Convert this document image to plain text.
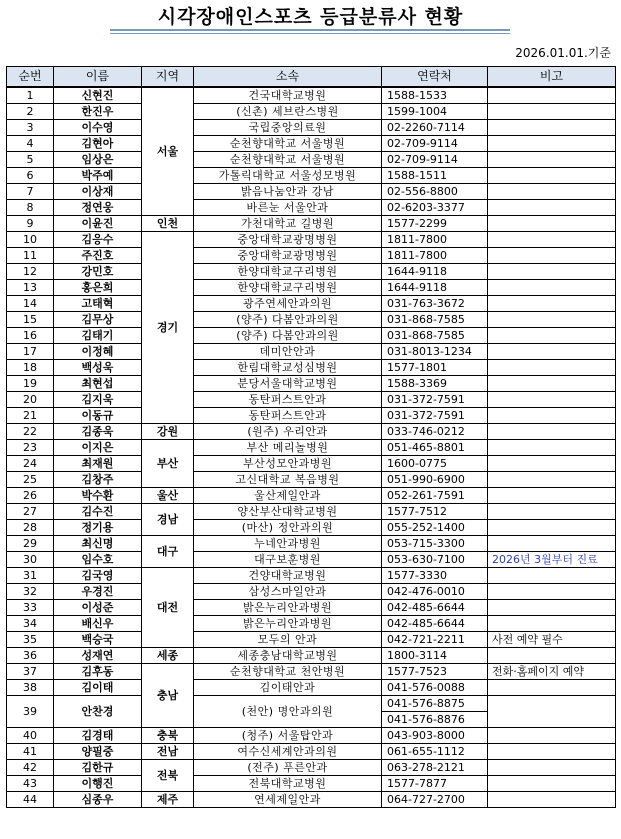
시각장애인스포츠 등급분류사 현황
2026.01.01.기준
순번	이름	지역	소속	연락처	비고
1	신현진	서울	건국대학교병원	1588-1533	

2	한진우		(신촌) 세브란스병원	1599-1004	

3	이수영		국립중앙의료원	02-2260-7114	

4	김현아		순천향대학교 서울병원	02-709-9114	

5	임상은		순천향대학교 서울병원	02-709-9114	

6	박주예		가톨릭대학교 서울성모병원	1588-1511	

7	이상재		밝음나눔안과 강남	02-556-8800	

8	정연웅		바른눈 서울안과	02-6203-3377	

9	이윤진	인천	가천대학교 길병원	1577-2299	

10	김응수	경기	중앙대학교광명병원	1811-7800	

11	주진호		중앙대학교광명병원	1811-7800	

12	강민호		한양대학교구리병원	1644-9118	

13	홍은희		한양대학교구리병원	1644-9118	

14	고태혁		광주연세안과의원	031-763-3672	

15	김무상		(양주) 다봄안과의원	031-868-7585	

16	김태기		(양주) 다봄안과의원	031-868-7585	

17	이정혜		데미안안과	031-8013-1234	

18	백성욱		한림대학교성심병원	1577-1801	

19	최현섭		분당서울대학교병원	1588-3369	

20	김지욱		동탄퍼스트안과	031-372-7591	

21	이동규		동탄퍼스트안과	031-372-7591	

22	김종욱	강원	(원주) 우리안과	033-746-0212	

23	이지은	부산	부산 메리놀병원	051-465-8801	

24	최재원		부산성모안과병원	1600-0775	

25	김창주		고신대학교 복음병원	051-990-6900	

26	박수환	울산	울산제일안과	052-261-7591	

27	김수진	경남	양산부산대학교병원	1577-7512	

28	정기용		(마산) 정안과의원	055-252-1400	

29	최신명	대구	누네안과병원	053-715-3300	

30	임수호		대구보훈병원	053-630-7100	2026년 3월부터 진료
31	김국영	대전	건양대학교병원	1577-3330	

32	우경진		삼성스마일안과	042-476-0010	

33	이성준		밝은누리안과병원	042-485-6644	

34	배신우		밝은누리안과병원	042-485-6644	

35	백승국		모두의 안과	042-721-2211	사전 예약 필수
36	성재연	세종	세종충남대학교병원	1800-3114	

37	김후동	충남	순천향대학교 천안병원	1577-7523	전화·홈페이지 예약
38	김이태		김이태안과	041-576-0088	

39	안찬경		(천안) 명안과의원	041-576-8875
041-576-8876	

40	김경태	충북	(청주) 서울탑안과	043-903-8000	

41	양필중	전남	여수신세계안과의원	061-655-1112	

42	김한규	전북	(전주) 푸른안과	063-278-2121	

43	이행진		전북대학교병원	1577-7877	

44	심종우	제주	연세제일안과	064-727-2700	
